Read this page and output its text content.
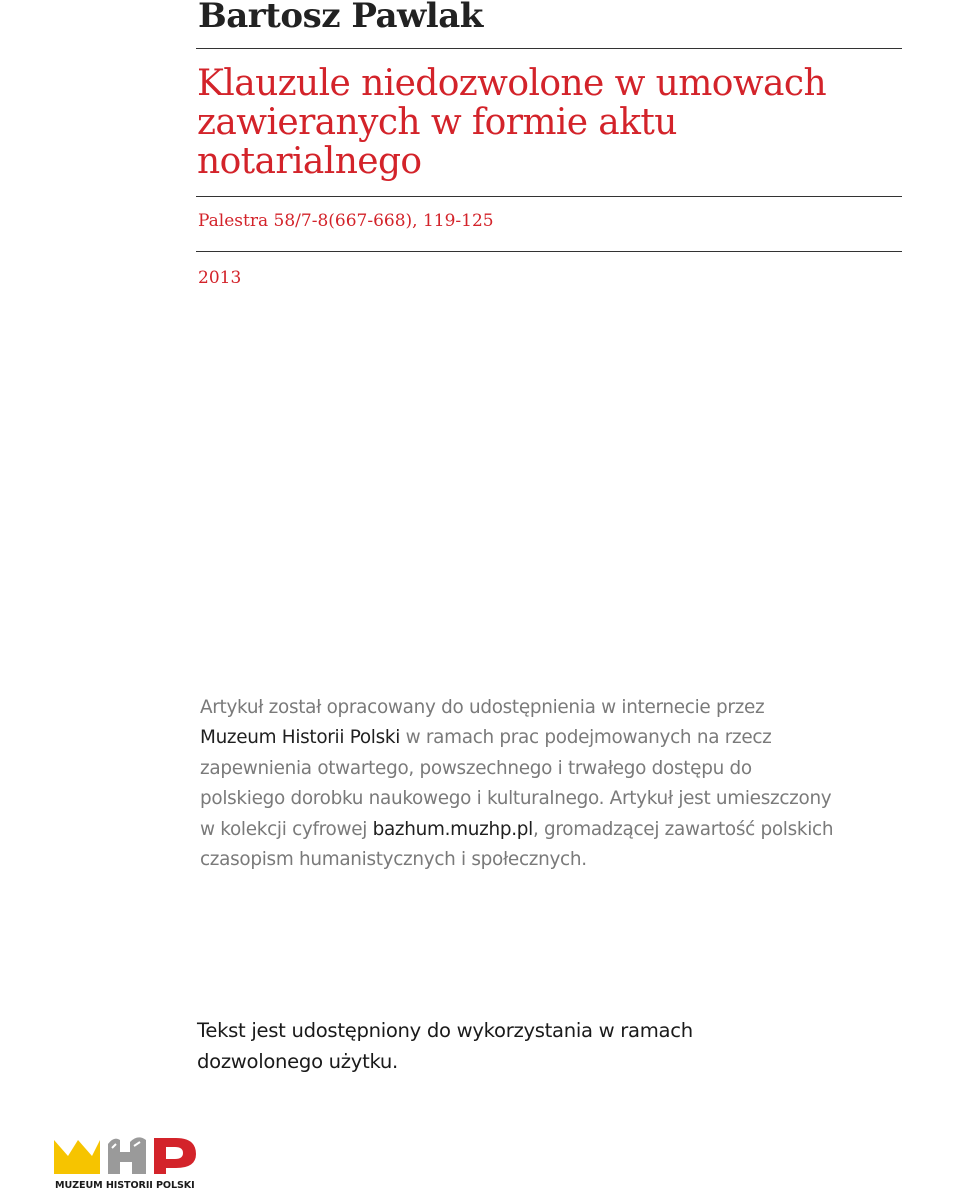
Bartosz Pawlak
Klauzule niedozwolone w umowach
zawieranych w formie aktu
notarialnego
Palestra 58/7-8(667-668), 119-125
2013
Artykuł został opracowany do udostępnienia w internecie przez
Muzeum Historii Polski w ramach prac podejmowanych na rzecz
zapewnienia otwartego, powszechnego i trwałego dostępu do
polskiego dorobku naukowego i kulturalnego. Artykuł jest umieszczony
w kolekcji cyfrowej bazhum.muzhp.pl, gromadzącej zawartość polskich
czasopism humanistycznych i społecznych.
Tekst jest udostępniony do wykorzystania w ramach
dozwolonego użytku.
MUZEUM HISTORII POLSKI
